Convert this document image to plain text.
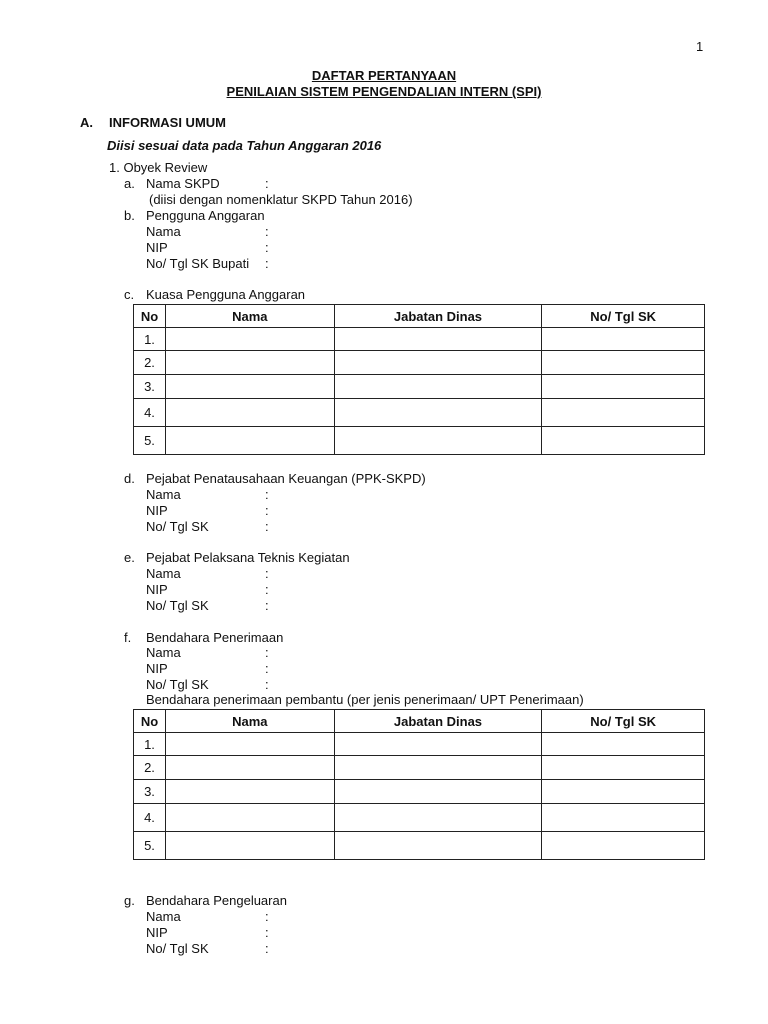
1
DAFTAR PERTANYAAN
PENILAIAN SISTEM PENGENDALIAN INTERN (SPI)
A. INFORMASI UMUM
Diisi sesuai data pada Tahun Anggaran 2016
1. Obyek Review
a. Nama SKPD	:
(diisi dengan nomenklatur SKPD Tahun 2016)
b. Pengguna Anggaran
Nama	:
NIP	:
No/ Tgl SK Bupati :
c. Kuasa Pengguna Anggaran
No	Nama	Jabatan Dinas	No/ Tgl SK
1.			
2.			
3.			
4.			
5.			
d. Pejabat Penatausahaan Keuangan (PPK-SKPD)
Nama	:
NIP	:
No/ Tgl SK	:
e. Pejabat Pelaksana Teknis Kegiatan
Nama	:
NIP	:
No/ Tgl SK	:
f. Bendahara Penerimaan
Nama	:
NIP	:
No/ Tgl SK	:
Bendahara penerimaan pembantu (per jenis penerimaan/ UPT Penerimaan)
No	Nama	Jabatan Dinas	No/ Tgl SK
1.			
2.			
3.			
4.			
5.			
g. Bendahara Pengeluaran
Nama	:
NIP	:
No/ Tgl SK	:
